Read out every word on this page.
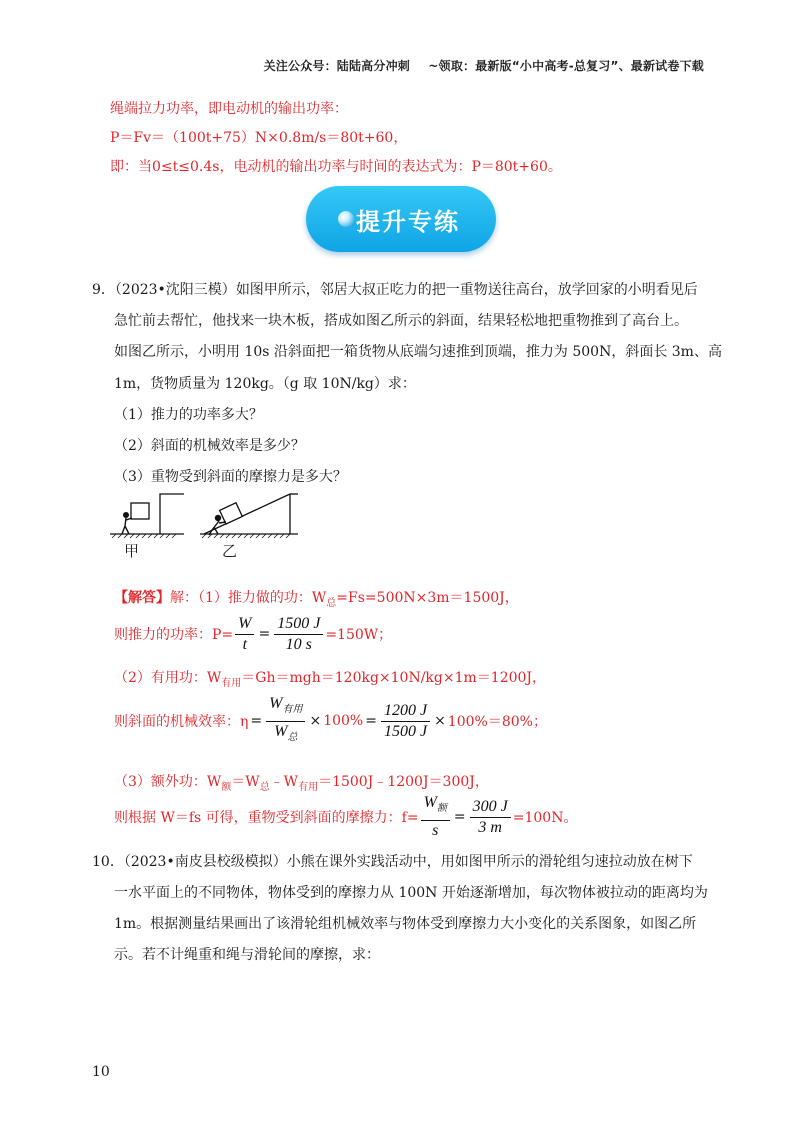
关注公众号：陆陆高分冲刺 ~领取：最新版“小中高考-总复习”、最新试卷下载
绳端拉力功率，即电动机的输出功率：
P＝Fv＝（100t+75）N×0.8m/s＝80t+60，
即：当0≤t≤0.4s，电动机的输出功率与时间的表达式为：P＝80t+60。
提升专练
9．（2023•沈阳三模）如图甲所示，邻居大叔正吃力的把一重物送往高台，放学回家的小明看见后
急忙前去帮忙，他找来一块木板，搭成如图乙所示的斜面，结果轻松地把重物推到了高台上。
如图乙所示，小明用 10s 沿斜面把一箱货物从底端匀速推到顶端，推力为 500N，斜面长 3m、高
1m，货物质量为 120kg。（g 取 10N/kg）求：
（1）推力的功率多大？
（2）斜面的机械效率是多少？
（3）重物受到斜面的摩擦力是多大？
甲	乙
【解答】解：（1）推力做的功：$W_总=Fs=500N\times 3m=1500J$，
则推力的功率：$P= \frac{W}{t} = \frac{1500 J}{10 s} =150W$；
（2）有用功：$W_{有用}=Gh=mgh=120kg\times 10N/kg\times 1m=1200J$，
则斜面的机械效率：$\eta = \frac{W_{有用}}{W_总} \times 100\% = \frac{1200 J}{1500 J} \times 100\%=80\%$；
（3）额外功：$W_额=W_总﹣W_{有用}=1500J﹣1200J=300J$，
则根据 W＝fs 可得，重物受到斜面的摩擦力：$f= \frac{W_额}{s} = \frac{300 J}{3 m} =100N$。
10．（2023•南皮县校级模拟）小熊在课外实践活动中，用如图甲所示的滑轮组匀速拉动放在树下
一水平面上的不同物体，物体受到的摩擦力从 100N 开始逐渐增加，每次物体被拉动的距离均为
1m。根据测量结果画出了该滑轮组机械效率与物体受到摩擦力大小变化的关系图象，如图乙所
示。若不计绳重和绳与滑轮间的摩擦，求：
10
